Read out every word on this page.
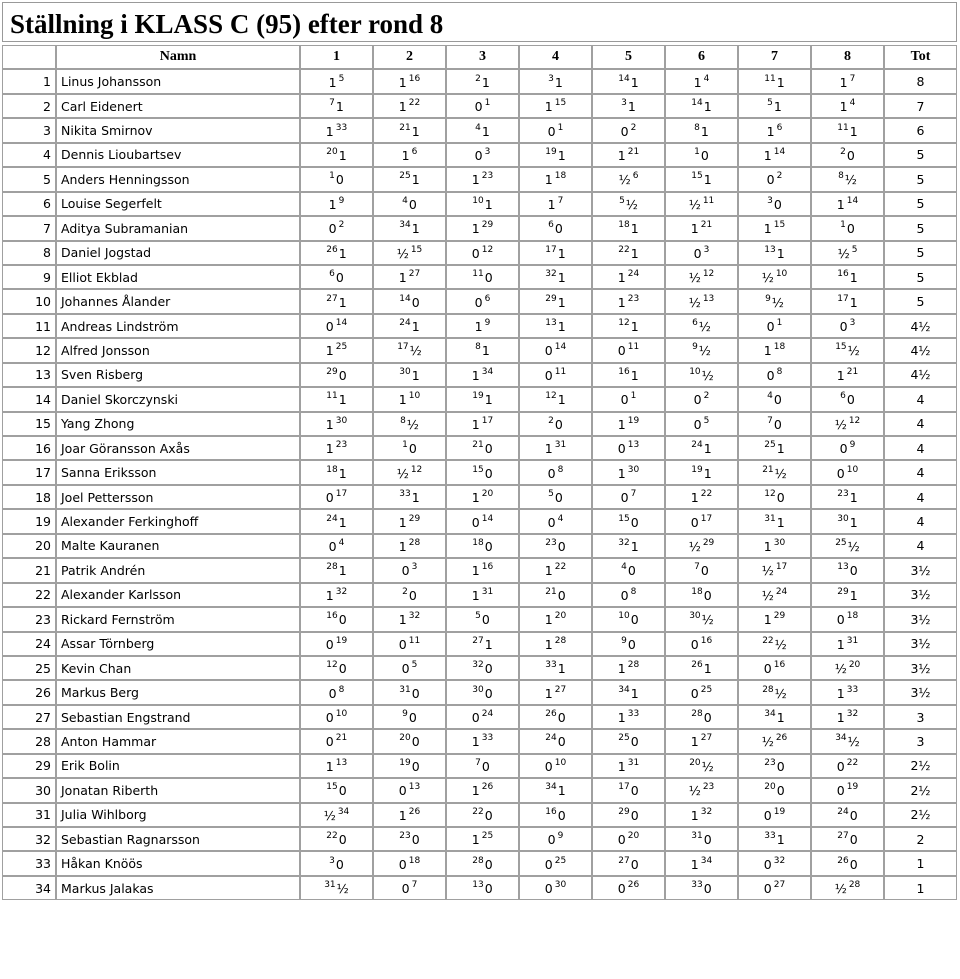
Ställning i KLASS C (95) efter rond 8
	Namn	1	2	3	4	5	6	7	8	Tot
1	Linus Johansson	1 $^5$	1 $^{16}$	$^2$1	$^3$1	$^{14}$1	1 $^4$	$^{11}$1	1 $^7$	8
2	Carl Eidenert	$^7$1	1 $^{22}$	0 $^1$	1 $^{15}$	$^3$1	$^{14}$1	$^5$1	1 $^4$	7
3	Nikita Smirnov	1 $^{33}$	$^{21}$1	$^4$1	0 $^1$	0 $^2$	$^8$1	1 $^6$	$^{11}$1	6
4	Dennis Lioubartsev	$^{20}$1	1 $^6$	0 $^3$	$^{19}$1	1 $^{21}$	$^1$0	1 $^{14}$	$^2$0	5
5	Anders Henningsson	$^1$0	$^{25}$1	1 $^{23}$	1 $^{18}$	½ $^6$	$^{15}$1	0 $^2$	$^8$½	5
6	Louise Segerfelt	1 $^9$	$^4$0	$^{10}$1	1 $^7$	$^5$½	½ $^{11}$	$^3$0	1 $^{14}$	5
7	Aditya Subramanian	0 $^2$	$^{34}$1	1 $^{29}$	$^6$0	$^{18}$1	1 $^{21}$	1 $^{15}$	$^1$0	5
8	Daniel Jogstad	$^{26}$1	½ $^{15}$	0 $^{12}$	$^{17}$1	$^{22}$1	0 $^3$	$^{13}$1	½ $^5$	5
9	Elliot Ekblad	$^6$0	1 $^{27}$	$^{11}$0	$^{32}$1	1 $^{24}$	½ $^{12}$	½ $^{10}$	$^{16}$1	5
10	Johannes Ålander	$^{27}$1	$^{14}$0	0 $^6$	$^{29}$1	1 $^{23}$	½ $^{13}$	$^9$½	$^{17}$1	5
11	Andreas Lindström	0 $^{14}$	$^{24}$1	1 $^9$	$^{13}$1	$^{12}$1	$^6$½	0 $^1$	0 $^3$	4½
12	Alfred Jonsson	1 $^{25}$	$^{17}$½	$^8$1	0 $^{14}$	0 $^{11}$	$^9$½	1 $^{18}$	$^{15}$½	4½
13	Sven Risberg	$^{29}$0	$^{30}$1	1 $^{34}$	0 $^{11}$	$^{16}$1	$^{10}$½	0 $^8$	1 $^{21}$	4½
14	Daniel Skorczynski	$^{11}$1	1 $^{10}$	$^{19}$1	$^{12}$1	0 $^1$	0 $^2$	$^4$0	$^6$0	4
15	Yang Zhong	1 $^{30}$	$^8$½	1 $^{17}$	$^2$0	1 $^{19}$	0 $^5$	$^7$0	½ $^{12}$	4
16	Joar Göransson Axås	1 $^{23}$	$^1$0	$^{21}$0	1 $^{31}$	0 $^{13}$	$^{24}$1	$^{25}$1	0 $^9$	4
17	Sanna Eriksson	$^{18}$1	½ $^{12}$	$^{15}$0	0 $^8$	1 $^{30}$	$^{19}$1	$^{21}$½	0 $^{10}$	4
18	Joel Pettersson	0 $^{17}$	$^{33}$1	1 $^{20}$	$^5$0	0 $^7$	1 $^{22}$	$^{12}$0	$^{23}$1	4
19	Alexander Ferkinghoff	$^{24}$1	1 $^{29}$	0 $^{14}$	0 $^4$	$^{15}$0	0 $^{17}$	$^{31}$1	$^{30}$1	4
20	Malte Kauranen	0 $^4$	1 $^{28}$	$^{18}$0	$^{23}$0	$^{32}$1	½ $^{29}$	1 $^{30}$	$^{25}$½	4
21	Patrik Andrén	$^{28}$1	0 $^3$	1 $^{16}$	1 $^{22}$	$^4$0	$^7$0	½ $^{17}$	$^{13}$0	3½
22	Alexander Karlsson	1 $^{32}$	$^2$0	1 $^{31}$	$^{21}$0	0 $^8$	$^{18}$0	½ $^{24}$	$^{29}$1	3½
23	Rickard Fernström	$^{16}$0	1 $^{32}$	$^5$0	1 $^{20}$	$^{10}$0	$^{30}$½	1 $^{29}$	0 $^{18}$	3½
24	Assar Törnberg	0 $^{19}$	0 $^{11}$	$^{27}$1	1 $^{28}$	$^9$0	0 $^{16}$	$^{22}$½	1 $^{31}$	3½
25	Kevin Chan	$^{12}$0	0 $^5$	$^{32}$0	$^{33}$1	1 $^{28}$	$^{26}$1	0 $^{16}$	½ $^{20}$	3½
26	Markus Berg	0 $^8$	$^{31}$0	$^{30}$0	1 $^{27}$	$^{34}$1	0 $^{25}$	$^{28}$½	1 $^{33}$	3½
27	Sebastian Engstrand	0 $^{10}$	$^9$0	0 $^{24}$	$^{26}$0	1 $^{33}$	$^{28}$0	$^{34}$1	1 $^{32}$	3
28	Anton Hammar	0 $^{21}$	$^{20}$0	1 $^{33}$	$^{24}$0	$^{25}$0	1 $^{27}$	½ $^{26}$	$^{34}$½	3
29	Erik Bolin	1 $^{13}$	$^{19}$0	$^7$0	0 $^{10}$	1 $^{31}$	$^{20}$½	$^{23}$0	0 $^{22}$	2½
30	Jonatan Riberth	$^{15}$0	0 $^{13}$	1 $^{26}$	$^{34}$1	$^{17}$0	½ $^{23}$	$^{20}$0	0 $^{19}$	2½
31	Julia Wihlborg	½ $^{34}$	1 $^{26}$	$^{22}$0	$^{16}$0	$^{29}$0	1 $^{32}$	0 $^{19}$	$^{24}$0	2½
32	Sebastian Ragnarsson	$^{22}$0	$^{23}$0	1 $^{25}$	0 $^9$	0 $^{20}$	$^{31}$0	$^{33}$1	$^{27}$0	2
33	Håkan Knöös	$^3$0	0 $^{18}$	$^{28}$0	0 $^{25}$	$^{27}$0	1 $^{34}$	0 $^{32}$	$^{26}$0	1
34	Markus Jalakas	$^{31}$½	0 $^7$	$^{13}$0	0 $^{30}$	0 $^{26}$	$^{33}$0	0 $^{27}$	½ $^{28}$	1
